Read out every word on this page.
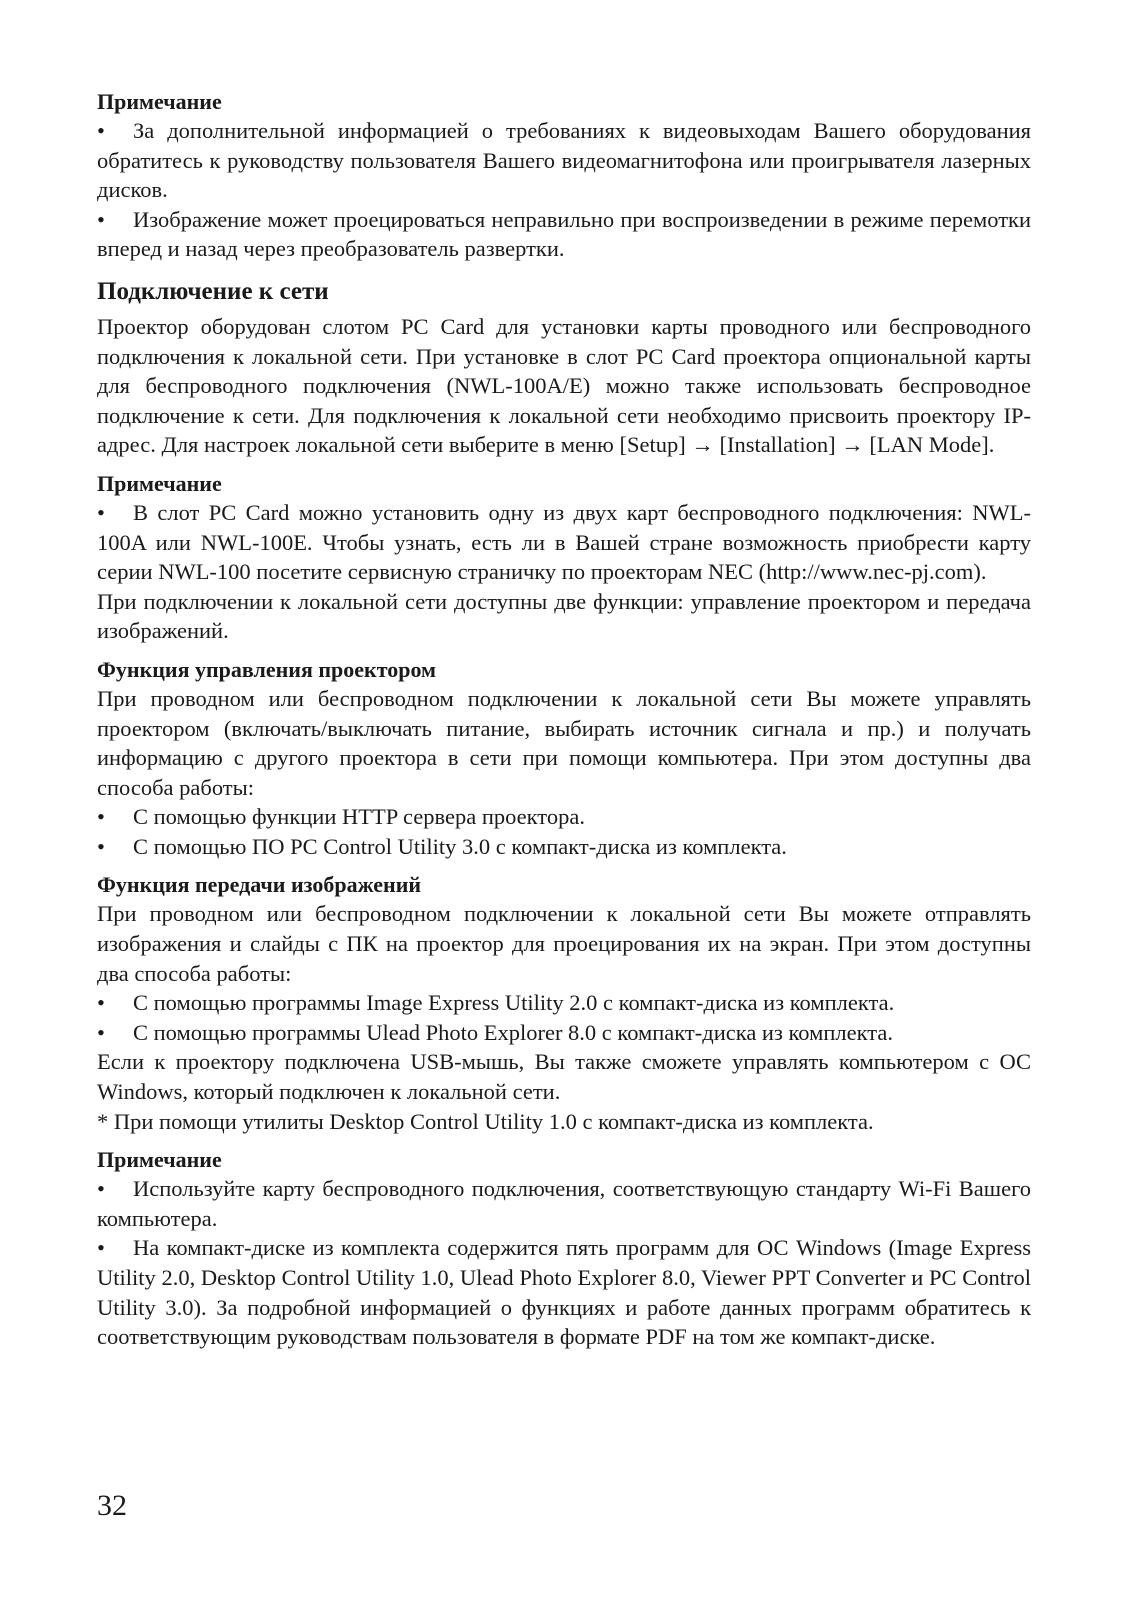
Примечание

• За дополнительной информацией о требованиях к видеовыходам Вашего оборудования обратитесь к руководству пользователя Вашего видеомагнитофона или проигрывателя лазерных дисков.

• Изображение может проецироваться неправильно при воспроизведении в режиме перемотки вперед и назад через преобразователь развертки.

Подключение к сети

Проектор оборудован слотом PC Card для установки карты проводного или беспроводного подключения к локальной сети. При установке в слот PC Card проектора опциональной карты для беспроводного подключения (NWL-100A/E) можно также использовать беспроводное подключение к сети. Для подключения к локальной сети необходимо присвоить проектору IP-адрес. Для настроек локальной сети выберите в меню [Setup] → [Installation] → [LAN Mode].

Примечание

• В слот PC Card можно установить одну из двух карт беспроводного подключения: NWL-100A или NWL-100E. Чтобы узнать, есть ли в Вашей стране возможность приобрести карту серии NWL-100 посетите сервисную страничку по проекторам NEC (http://www.nec-pj.com).

При подключении к локальной сети доступны две функции: управление проектором и передача изображений.

Функция управления проектором

При проводном или беспроводном подключении к локальной сети Вы можете управлять проектором (включать/выключать питание, выбирать источник сигнала и пр.) и получать информацию с другого проектора в сети при помощи компьютера. При этом доступны два способа работы:

• С помощью функции HTTP сервера проектора.

• С помощью ПО PC Control Utility 3.0 с компакт-диска из комплекта.

Функция передачи изображений

При проводном или беспроводном подключении к локальной сети Вы можете отправлять изображения и слайды с ПК на проектор для проецирования их на экран. При этом доступны два способа работы:

• С помощью программы Image Express Utility 2.0 с компакт-диска из комплекта.

• С помощью программы Ulead Photo Explorer 8.0 с компакт-диска из комплекта.

Если к проектору подключена USB-мышь, Вы также сможете управлять компьютером с ОС Windows, который подключен к локальной сети.

* При помощи утилиты Desktop Control Utility 1.0 с компакт-диска из комплекта.

Примечание

• Используйте карту беспроводного подключения, соответствующую стандарту Wi-Fi Вашего компьютера.

• На компакт-диске из комплекта содержится пять программ для ОС Windows (Image Express Utility 2.0, Desktop Control Utility 1.0, Ulead Photo Explorer 8.0, Viewer PPT Converter и PC Control Utility 3.0). За подробной информацией о функциях и работе данных программ обратитесь к соответствующим руководствам пользователя в формате PDF на том же компакт-диске.

32
